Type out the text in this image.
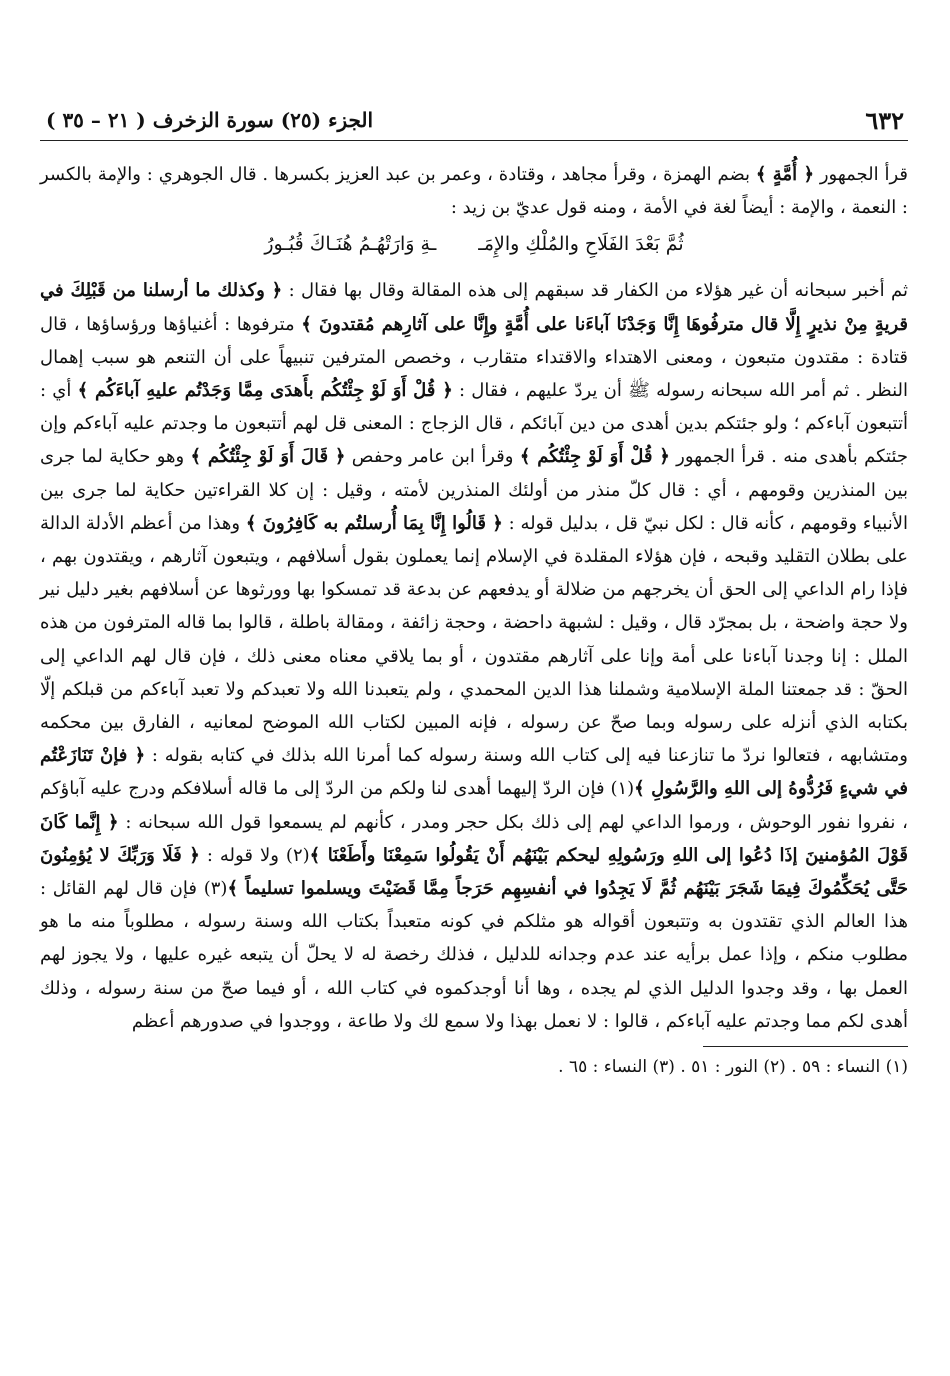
٦٣٢
الجزء (٢٥) سورة الزخرف ( ٢١ – ٣٥ )

قرأ الجمهور ﴿ أُمَّةٍ ﴾ بضم الهمزة ، وقرأ مجاهد ، وقتادة ، وعمر بن عبد العزيز بكسرها . قال الجوهري : والإمة بالكسر : النعمة ، والإمة : أيضاً لغة في الأمة ، ومنه قول عديّ بن زيد :

ثُمَّ بَعْدَ الفَلَاحِ والمُلْكِ والإِمَـ
ـةِ وَارَتْهُـمُ هُنَـاكَ قُبُـورُ

ثم أخبر سبحانه أن غير هؤلاء من الكفار قد سبقهم إلى هذه المقالة وقال بها فقال : ﴿ وكذلك ما أرسلنا من قَبْلِكَ في قريةٍ مِنْ نذيرٍ إِلَّا قال مترفُوهَا إِنَّا وَجَدْنَا آباءَنا على أُمَّةٍ وإِنَّا على آثارِهم مُقتدونَ ﴾ مترفوها : أغنياؤها ورؤساؤها ، قال قتادة : مقتدون متبعون ، ومعنى الاهتداء والاقتداء متقارب ، وخصص المترفين تنبيهاً على أن التنعم هو سبب إهمال النظر . ثم أمر الله سبحانه رسوله ﷺ أن يردّ عليهم ، فقال : ﴿ قُلْ أَوَ لَوْ جِئْتُكُم بأَهدَى مِمَّا وَجَدْتُم عليهِ آباءَكُم ﴾ أي : أتتبعون آباءكم ؛ ولو جئتكم بدين أهدى من دين آبائكم ، قال الزجاج : المعنى قل لهم أتتبعون ما وجدتم عليه آباءكم وإن جئتكم بأهدى منه . قرأ الجمهور ﴿ قُلْ أَوَ لَوْ جِئْتُكُم ﴾ وقرأ ابن عامر وحفص ﴿ قَالَ أَوَ لَوْ جِئْتُكُم ﴾ وهو حكاية لما جرى بين المنذرين وقومهم ، أي : قال كلّ منذر من أولئك المنذرين لأمته ، وقيل : إن كلا القراءتين حكاية لما جرى بين الأنبياء وقومهم ، كأنه قال : لكل نبيّ قل ، بدليل قوله : ﴿ قَالُوا إِنَّا بِمَا أُرسلتُم به كَافِرُونَ ﴾ وهذا من أعظم الأدلة الدالة على بطلان التقليد وقبحه ، فإن هؤلاء المقلدة في الإسلام إنما يعملون بقول أسلافهم ، ويتبعون آثارهم ، ويقتدون بهم ، فإذا رام الداعي إلى الحق أن يخرجهم من ضلالة أو يدفعهم عن بدعة قد تمسكوا بها وورثوها عن أسلافهم بغير دليل نير ولا حجة واضحة ، بل بمجرّد قال ، وقيل : لشبهة داحضة ، وحجة زائفة ، ومقالة باطلة ، قالوا بما قاله المترفون من هذه الملل : إنا وجدنا آباءنا على أمة وإنا على آثارهم مقتدون ، أو بما يلاقي معناه معنى ذلك ، فإن قال لهم الداعي إلى الحقّ : قد جمعتنا الملة الإسلامية وشملنا هذا الدين المحمدي ، ولم يتعبدنا الله ولا تعبدكم ولا تعبد آباءكم من قبلكم إلّا بكتابه الذي أنزله على رسوله وبما صحّ عن رسوله ، فإنه المبين لكتاب الله الموضح لمعانيه ، الفارق بين محكمه ومتشابهه ، فتعالوا نردّ ما تنازعنا فيه إلى كتاب الله وسنة رسوله كما أمرنا الله بذلك في كتابه بقوله : ﴿ فإنْ تَنَازَعْتُم في شيءٍ فَرُدُّوهُ إلى اللهِ والرَّسُولِ ﴾(١) فإن الردّ إليهما أهدى لنا ولكم من الردّ إلى ما قاله أسلافكم ودرج عليه آباؤكم ، نفروا نفور الوحوش ، ورموا الداعي لهم إلى ذلك بكل حجر ومدر ، كأنهم لم يسمعوا قول الله سبحانه : ﴿ إِنَّما كَانَ قَوْلَ المُؤمنينَ إذَا دُعُوا إلى اللهِ ورَسُولِهِ ليحكم بَيْنَهُم أَنْ يَقُولُوا سَمِعْنَا وأَطَعْنَا ﴾(٢) ولا قوله : ﴿ فَلَا وَرَبِّكَ لا يُؤمِنُونَ حَتَّى يُحَكِّمُوكَ فِيمَا شَجَرَ بَيْنَهُم ثُمَّ لَا يَجِدُوا في أنفسِهِم حَرَجاً مِمَّا قَضَيْتَ ويسلموا تسليماً ﴾(٣) فإن قال لهم القائل : هذا العالم الذي تقتدون به وتتبعون أقواله هو مثلكم في كونه متعبداً بكتاب الله وسنة رسوله ، مطلوباً منه ما هو مطلوب منكم ، وإذا عمل برأيه عند عدم وجدانه للدليل ، فذلك رخصة له لا يحلّ أن يتبعه غيره عليها ، ولا يجوز لهم العمل بها ، وقد وجدوا الدليل الذي لم يجده ، وها أنا أوجدكموه في كتاب الله ، أو فيما صحّ من سنة رسوله ، وذلك أهدى لكم مما وجدتم عليه آباءكم ، قالوا : لا نعمل بهذا ولا سمع لك ولا طاعة ، ووجدوا في صدورهم أعظم

(١) النساء : ٥٩ . (٢) النور : ٥١ . (٣) النساء : ٦٥ .
